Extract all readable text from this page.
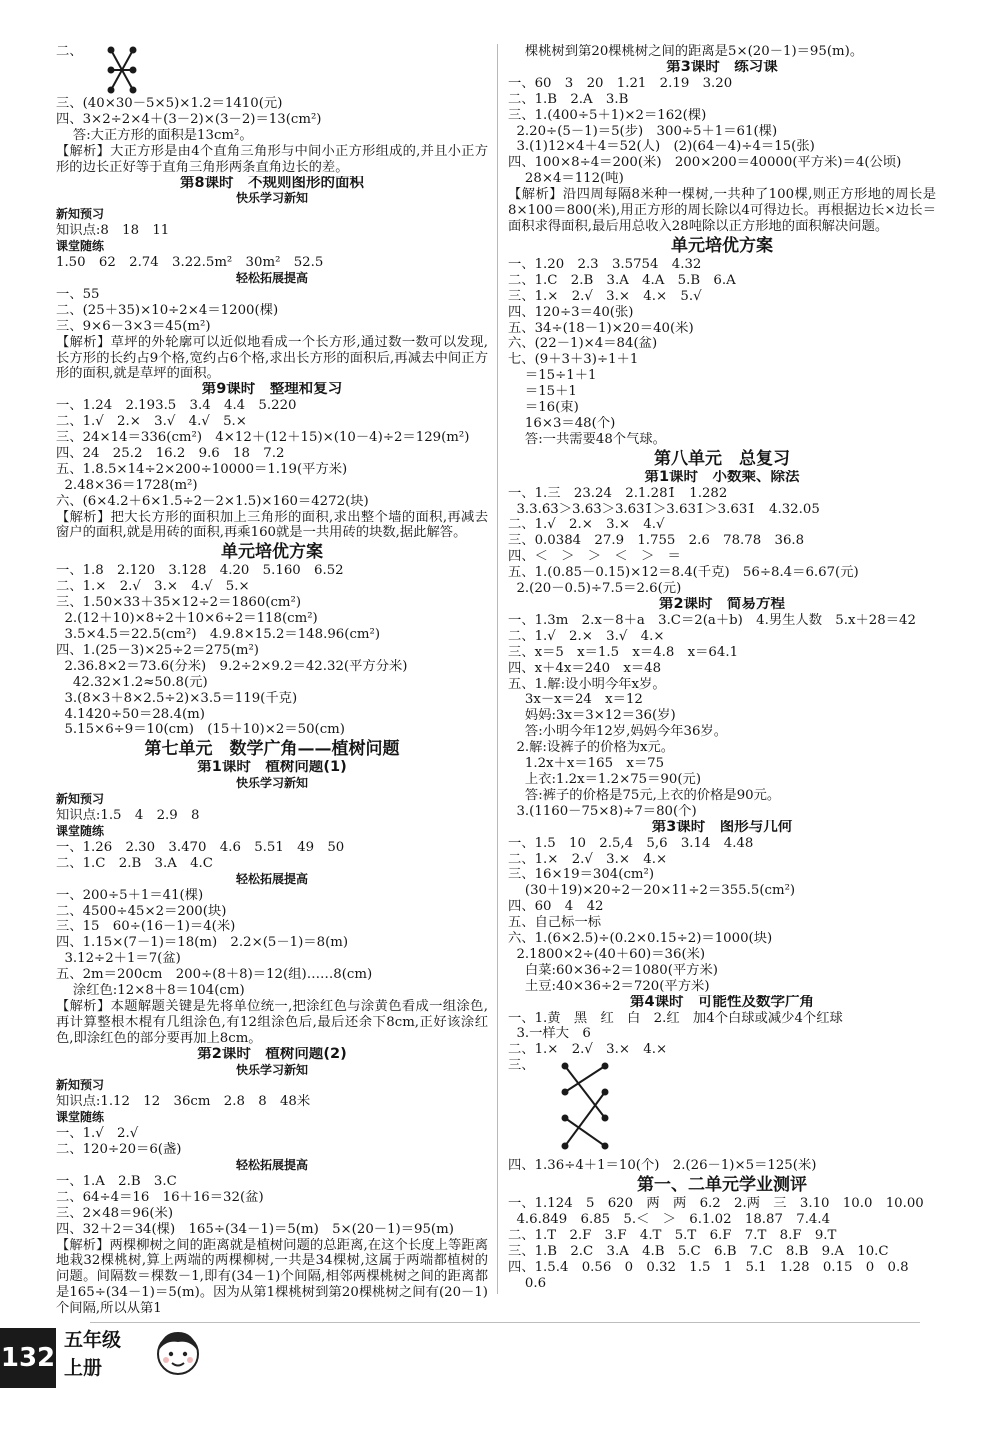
二、
三、(40×30－5×5)×1.2＝1410(元)
四、3×2÷2×4＋(3－2)×(3－2)＝13(cm²)
答:大正方形的面积是13cm²。
【解析】大正方形是由4个直角三角形与中间小正方形组成的,并且小正方形的边长正好等于直角三角形两条直角边长的差。
第8课时　不规则图形的面积
快乐学习新知
新知预习
知识点:8　18　11
课堂随练
1.50　62　2.74　3.22.5m²　30m²　52.5
轻松拓展提高
一、55
二、(25＋35)×10÷2×4＝1200(棵)
三、9×6－3×3＝45(m²)
【解析】草坪的外轮廓可以近似地看成一个长方形,通过数一数可以发现,长方形的长约占9个格,宽约占6个格,求出长方形的面积后,再减去中间正方形的面积,就是草坪的面积。
第9课时　整理和复习
一、1.24　2.193.5　3.4　4.4　5.220
二、1.√　2.×　3.√　4.√　5.×
三、24×14＝336(cm²)　4×12＋(12＋15)×(10－4)÷2＝129(m²)
四、24　25.2　16.2　9.6　18　7.2
五、1.8.5×14÷2×200÷10000＝1.19(平方米)
2.48×36＝1728(m²)
六、(6×4.2＋6×1.5÷2－2×1.5)×160＝4272(块)
【解析】把大长方形的面积加上三角形的面积,求出整个墙的面积,再减去窗户的面积,就是用砖的面积,再乘160就是一共用砖的块数,据此解答。
单元培优方案
一、1.8　2.120　3.128　4.20　5.160　6.52
二、1.×　2.√　3.×　4.√　5.×
三、1.50×33＋35×12÷2＝1860(cm²)
2.(12＋10)×8÷2＋10×6÷2＝118(cm²)
3.5×4.5＝22.5(cm²)　4.9.8×15.2＝148.96(cm²)
四、1.(25－3)×25÷2＝275(m²)
2.36.8×2＝73.6(分米)　9.2÷2×9.2＝42.32(平方分米)
42.32×1.2≈50.8(元)
3.(8×3＋8×2.5÷2)×3.5＝119(千克)
4.1420÷50＝28.4(m)
5.15×6÷9＝10(cm)　(15＋10)×2＝50(cm)
第七单元　数学广角——植树问题
第1课时　植树问题(1)
快乐学习新知
新知预习
知识点:1.5　4　2.9　8
课堂随练
一、1.26　2.30　3.470　4.6　5.51　49　50
二、1.C　2.B　3.A　4.C
轻松拓展提高
一、200÷5＋1＝41(棵)
二、4500÷45×2＝200(块)
三、15　60÷(16－1)＝4(米)
四、1.15×(7－1)＝18(m)　2.2×(5－1)＝8(m)
3.12÷2＋1＝7(盆)
五、2m＝200cm　200÷(8＋8)＝12(组)……8(cm)
涂红色:12×8＋8＝104(cm)
【解析】本题解题关键是先将单位统一,把涂红色与涂黄色看成一组涂色,再计算整根木棍有几组涂色,有12组涂色后,最后还余下8cm,正好该涂红色,即涂红色的部分要再加上8cm。
第2课时　植树问题(2)
快乐学习新知
新知预习
知识点:1.12　12　36cm　2.8　8　48米
课堂随练
一、1.√　2.√
二、120÷20＝6(盏)
轻松拓展提高
一、1.A　2.B　3.C
二、64÷4＝16　16＋16＝32(盆)
三、2×48＝96(米)
四、32＋2＝34(棵)　165÷(34－1)＝5(m)　5×(20－1)＝95(m)
【解析】两棵柳树之间的距离就是植树问题的总距离,在这个长度上等距离地栽32棵桃树,算上两端的两棵柳树,一共是34棵树,这属于两端都植树的问题。间隔数＝棵数－1,即有(34－1)个间隔,相邻两棵桃树之间的距离都是165÷(34－1)＝5(m)。因为从第1棵桃树到第20棵桃树之间有(20－1)个间隔,所以从第1
棵桃树到第20棵桃树之间的距离是5×(20－1)＝95(m)。
第3课时　练习课
一、60　3　20　1.21　2.19　3.20
二、1.B　2.A　3.B
三、1.(400÷5＋1)×2＝162(棵)
2.20÷(5－1)＝5(步)　300÷5＋1＝61(棵)
3.(1)12×4＋4＝52(人)　(2)(64－4)÷4＝15(张)
四、100×8÷4＝200(米)　200×200＝40000(平方米)＝4(公顷)
28×4＝112(吨)
【解析】沿四周每隔8米种一棵树,一共种了100棵,则正方形地的周长是8×100＝800(米),用正方形的周长除以4可得边长。再根据边长×边长＝面积求得面积,最后用总收入28吨除以正方形地的面积解决问题。
单元培优方案
一、1.20　2.3　3.5754　4.32
二、1.C　2.B　3.A　4.A　5.B　6.A
三、1.×　2.√　3.×　4.×　5.√
四、120÷3＝40(张)
五、34÷(18－1)×20＝40(米)
六、(22－1)×4＝84(盆)
七、(9＋3＋3)÷1＋1
＝15÷1＋1
＝15＋1
＝16(束)
16×3＝48(个)
答:一共需要48个气球。
第八单元　总复习
第1课时　小数乘、除法
一、1.三　23.24　2.1.281̇　1.282
3.3.6̇3̇＞3.63̇＞3.6̇31̇＞3.631̇＞3.631̇　4.32.05
二、1.√　2.×　3.×　4.√
三、0.0384　27.9　1.755　2.6　78.78　36.8
四、＜　＞　＞　＜　＞　＝
五、1.(0.85－0.15)×12＝8.4(千克)　56÷8.4＝6.67(元)
2.(20－0.5)÷7.5＝2.6(元)
第2课时　简易方程
一、1.3m　2.x－8＋a　3.C＝2(a＋b)　4.男生人数　5.x＋28＝42
二、1.√　2.×　3.√　4.×
三、x＝5　x＝1.5　x＝4.8　x＝64.1
四、x＋4x＝240　x＝48
五、1.解:设小明今年x岁。
3x－x＝24　x＝12
妈妈:3x＝3×12＝36(岁)
答:小明今年12岁,妈妈今年36岁。
2.解:设裤子的价格为x元。
1.2x＋x＝165　x＝75
上衣:1.2x＝1.2×75＝90(元)
答:裤子的价格是75元,上衣的价格是90元。
3.(1160－75×8)÷7＝80(个)
第3课时　图形与几何
一、1.5　10　2.5,4　5,6　3.14　4.48
二、1.×　2.√　3.×　4.×
三、16×19＝304(cm²)
(30＋19)×20÷2－20×11÷2＝355.5(cm²)
四、60　4　42
五、自己标一标
六、1.(6×2.5)÷(0.2×0.15÷2)＝1000(块)
2.1800×2÷(40＋60)＝36(米)
白菜:60×36÷2＝1080(平方米)
土豆:40×36÷2＝720(平方米)
第4课时　可能性及数学广角
一、1.黄　黑　红　白　2.红　加4个白球或减少4个红球
3.一样大　6
二、1.×　2.√　3.×　4.×
三、
四、1.36÷4＋1＝10(个)　2.(26－1)×5＝125(米)
第一、二单元学业测评
一、1.124　5　620　两　两　6.2　2.两　三　3.10　10.0　10.00
4.6.849　6.85　5.＜　＞　6.1.02　18.87　7.4.4
二、1.T　2.F　3.F　4.T　5.T　6.F　7.T　8.F　9.T
三、1.B　2.C　3.A　4.B　5.C　6.B　7.C　8.B　9.A　10.C
四、1.5.4　0.56　0　0.32　1.5　1　5.1　1.28　0.15　0　0.8
0.6
132
五年级
上册
